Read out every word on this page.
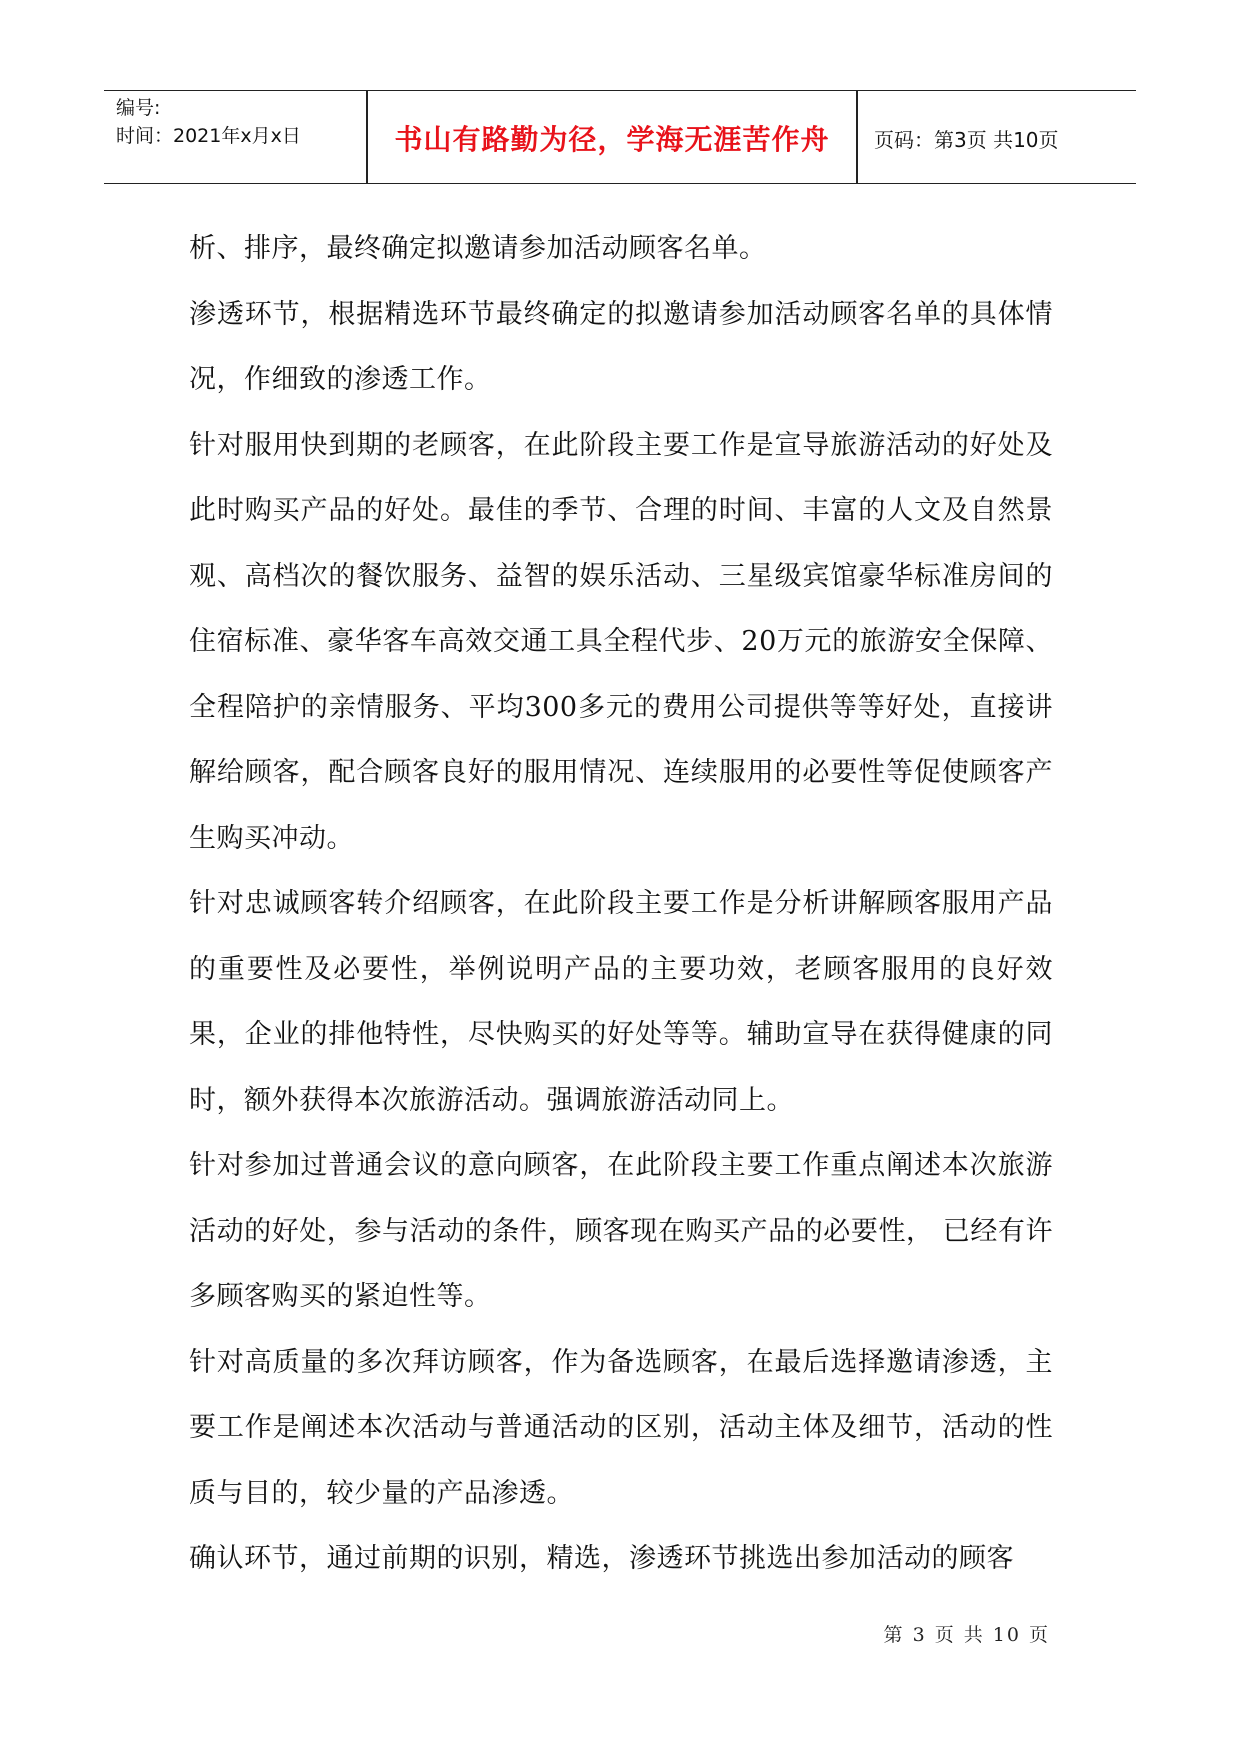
编号:
时间：2021年x月x日	书山有路勤为径，学海无涯苦作舟	页码：第3页 共10页

析、排序，最终确定拟邀请参加活动顾客名单。

渗透环节，根据精选环节最终确定的拟邀请参加活动顾客名单的具体情况，作细致的渗透工作。

针对服用快到期的老顾客，在此阶段主要工作是宣导旅游活动的好处及此时购买产品的好处。最佳的季节、合理的时间、丰富的人文及自然景观、高档次的餐饮服务、益智的娱乐活动、三星级宾馆豪华标准房间的住宿标准、豪华客车高效交通工具全程代步、20万元的旅游安全保障、全程陪护的亲情服务、平均300多元的费用公司提供等等好处，直接讲解给顾客，配合顾客良好的服用情况、连续服用的必要性等促使顾客产生购买冲动。

针对忠诚顾客转介绍顾客，在此阶段主要工作是分析讲解顾客服用产品的重要性及必要性，举例说明产品的主要功效，老顾客服用的良好效果，企业的排他特性，尽快购买的好处等等。辅助宣导在获得健康的同时，额外获得本次旅游活动。强调旅游活动同上。

针对参加过普通会议的意向顾客，在此阶段主要工作重点阐述本次旅游活动的好处，参与活动的条件，顾客现在购买产品的必要性， 已经有许多顾客购买的紧迫性等。

针对高质量的多次拜访顾客，作为备选顾客，在最后选择邀请渗透，主要工作是阐述本次活动与普通活动的区别，活动主体及细节，活动的性质与目的，较少量的产品渗透。

确认环节，通过前期的识别，精选，渗透环节挑选出参加活动的顾客

第 3 页 共 10 页
